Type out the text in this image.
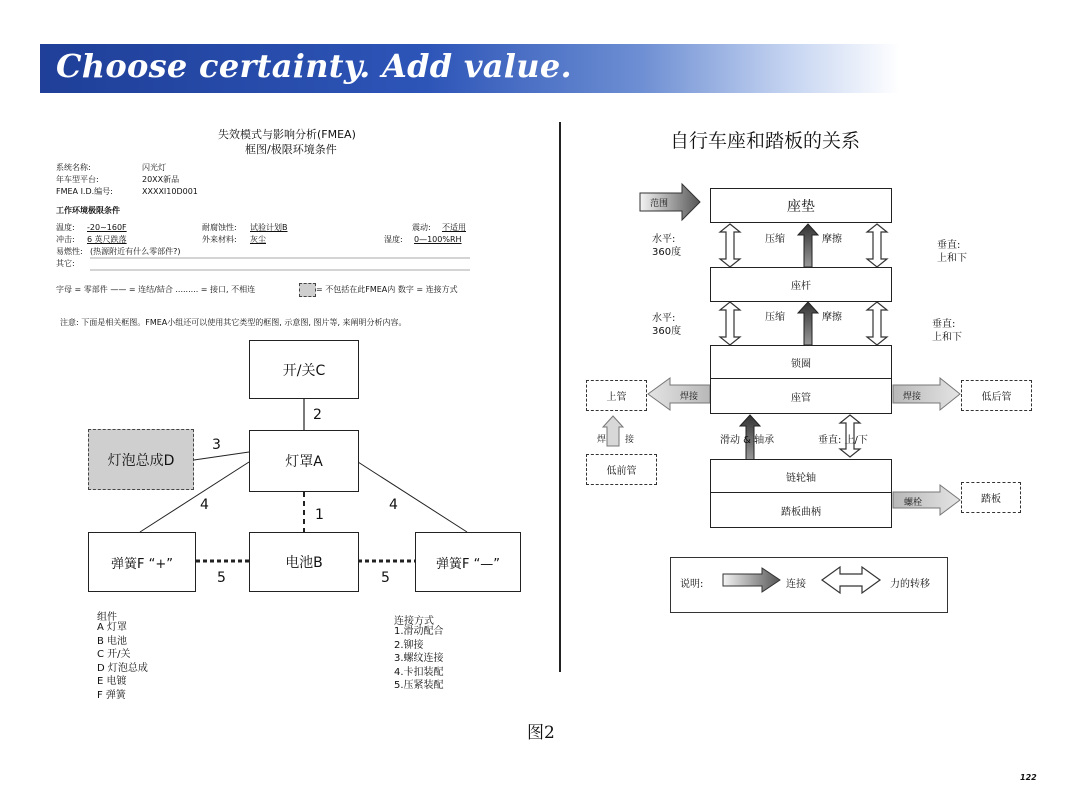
Choose certainty. Add value.
失效模式与影响分析(FMEA)
框图/极限环境条件
系统名称:	闪光灯
年车型平台:	20XX新品
FMEA I.D.编号:	XXXXI10D001
工作环境极限条件
温度: -20~160F	耐腐蚀性: 试验计划B	震动: 不适用
冲击: 6 英尺跌落	外来材料: 灰尘	湿度: 0—100%RH
易燃性: (热源附近有什么零部件?)
其它:
字母 = 零部件 —— = 连结/結合 ......... = 接口, 不相连	= 不包括在此FMEA内 数字 = 连接方式
注意: 下面是相关框图。FMEA小组还可以使用其它类型的框图, 示意图, 图片等, 来阐明分析内容。
开/关C
灯罩A
灯泡总成D
电池B
弹簧F “+”	弹簧F “—”
2
3
1
4	4
5	5
组件
A 灯罩
B 电池
C 开/关
D 灯泡总成
E 电镀
F 弹簧
连接方式
1.滑动配合
2.铆接
3.螺纹连接
4.卡扣装配
5.压紧装配
自行车座和踏板的关系
范围	座垫
座杆
锁圈
座管
链轮轴
踏板曲柄
上管	低后管
低前管
踏板
压缩	摩擦
压缩	摩擦
水平:
360度
水平:
360度
垂直:
上和下
垂直:
上和下
焊接	焊接
焊 接	滑动 & 轴承	垂直: 上/下
螺栓
说明:	连接	力的转移
图2
122
